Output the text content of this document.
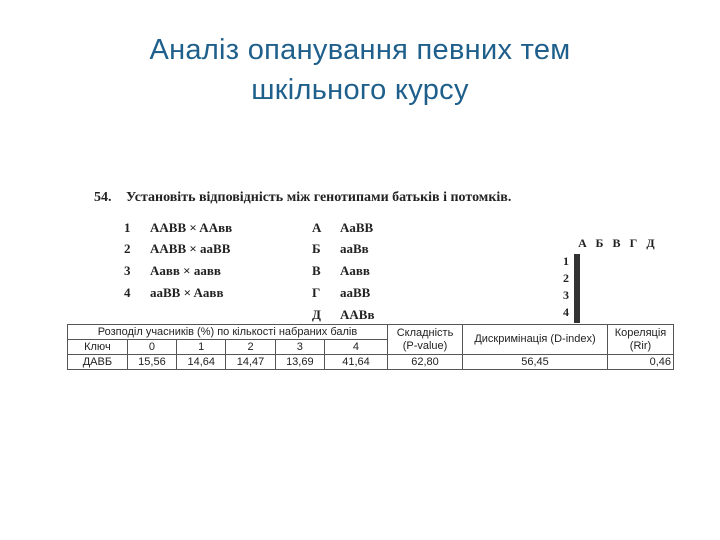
Аналіз опанування певних тем
шкільного курсу
54. Установіть відповідність між генотипами батьків і потомків.
1 AABB × AAвв	А AaBB
2 AABB × aaBB	Б aaBв
3 Aaвв × aaвв	В Aaвв
4 aaBB × Aaвв	Г aaBB
Д AABв
А Б В Г Д
1
2
3
4

Розподіл учасників (%) по кількості набраних балів						Складність (P-value)	Дискримінація (D-index)	Кореляція (Rir)
Ключ	0	1	2	3	4			
ДАВБ	15,56	14,64	14,47	13,69	41,64	62,80	56,45	0,46
